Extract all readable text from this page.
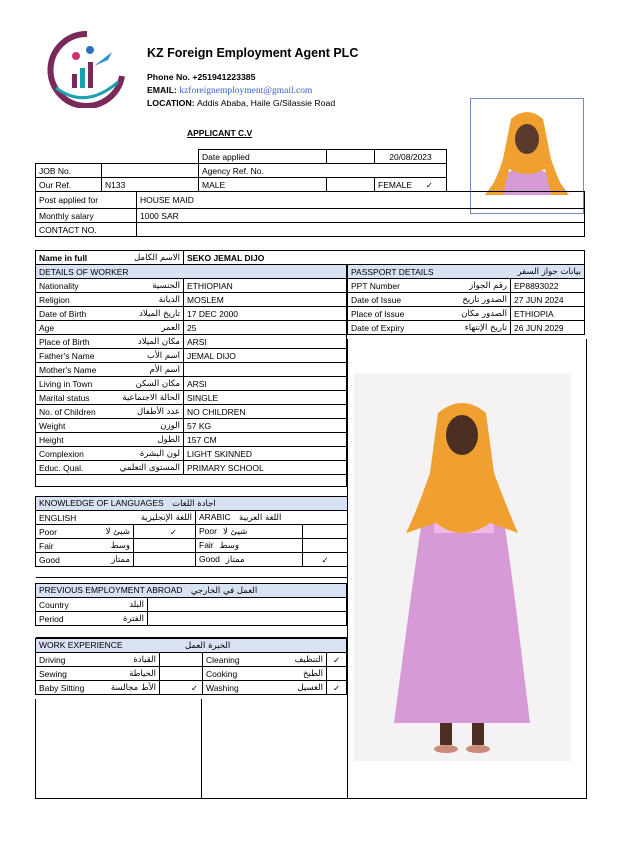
KZ Foreign Employment Agent PLC
Phone No. +251941223385
EMAIL: kzforeignemployment@gmail.com
LOCATION: Addis Ababa, Haile G/Silassie Road
APPLICANT C.V
Date applied		20/08/2023
JOB No.		Agency Ref. No.		
Our Ref.	N133	MALE		FEMALE ✓
Post applied for	HOUSE MAID
Monthly salary	1000 SAR
CONTACT NO.	
Name in full	الاسم الكامل	SEKO JEMAL DIJO
DETAILS OF WORKER	

Nationality الجنسية	ETHIOPIAN

Religion الديانة	MOSLEM

Date of Birth تاريخ الميلاد	17 DEC 2000

Age العمر	25

Place of Birth مكان الميلاد	ARSI

Father's Name اسم الأب	JEMAL DIJO

Mother's Name اسم الأم	

Living in Town مكان السكن	ARSI

Marital status الحالة الاجتماعية	SINGLE

No. of Children عدد الأطفال	NO CHILDREN

Weight الوزن	57 KG

Height الطول	157 CM

Complexion لون البشرة	LIGHT SKINNED

Educ. Qual. المستوى التعلمي	PRIMARY SCHOOL

PASSPORT DETAILS بيانات جواز السفر	

PPT Number رقم الجواز	EP8893022

Date of Issue الصدور تاريخ	27 JUN 2024

Place of Issue الصدور مكان	ETHIOPIA

Date of Expiry تاريخ الإنتهاء	26 JUN 2029
KNOWLEDGE OF LANGUAGES اجادة اللغات			
ENGLISH اللغة الإنجليزية		ARABIC اللغة العربية	

Poor شيئ لا	✓	Poor شيئ لا	

Fair وسط		Fair وسط	

Good ممتاز		Good ممتاز	✓

PREVIOUS EMPLOYMENT ABROAD العمل في الخارجي	

Country البلد	

Period الفترة	

WORK EXPERIENCE الخبرة العمل			

Driving القيادة		Cleaning التنظيف	✓

Sewing الخياطة		Cooking الطبخ	

Baby Sitting الأط مجالسة	✓	Washing الغسيل	✓
